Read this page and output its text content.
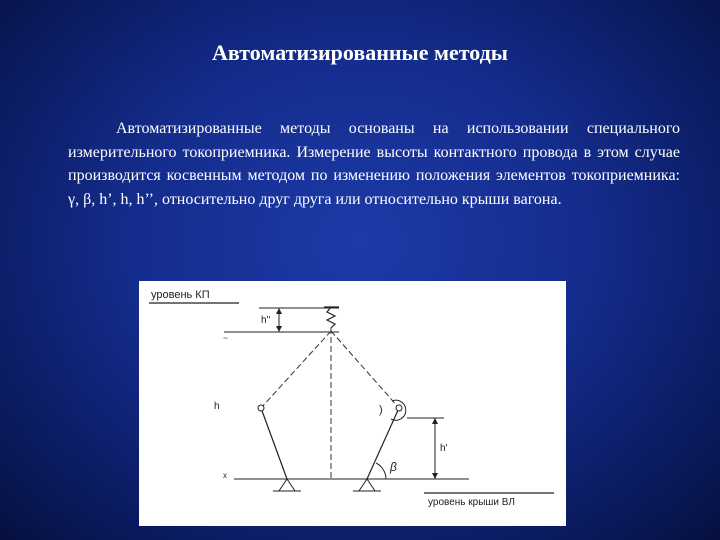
Автоматизированные методы
Автоматизированные методы основаны на использовании специального измерительного токоприемника. Измерение высоты контактного провода в этом случае производится косвенным методом по изменению положения элементов токоприемника: γ, β, h’, h, h’’, относительно друг друга или относительно крыши вагона.
уровень КП
h''
~
)
х
h
β
h'
уровень крыши ВЛ
